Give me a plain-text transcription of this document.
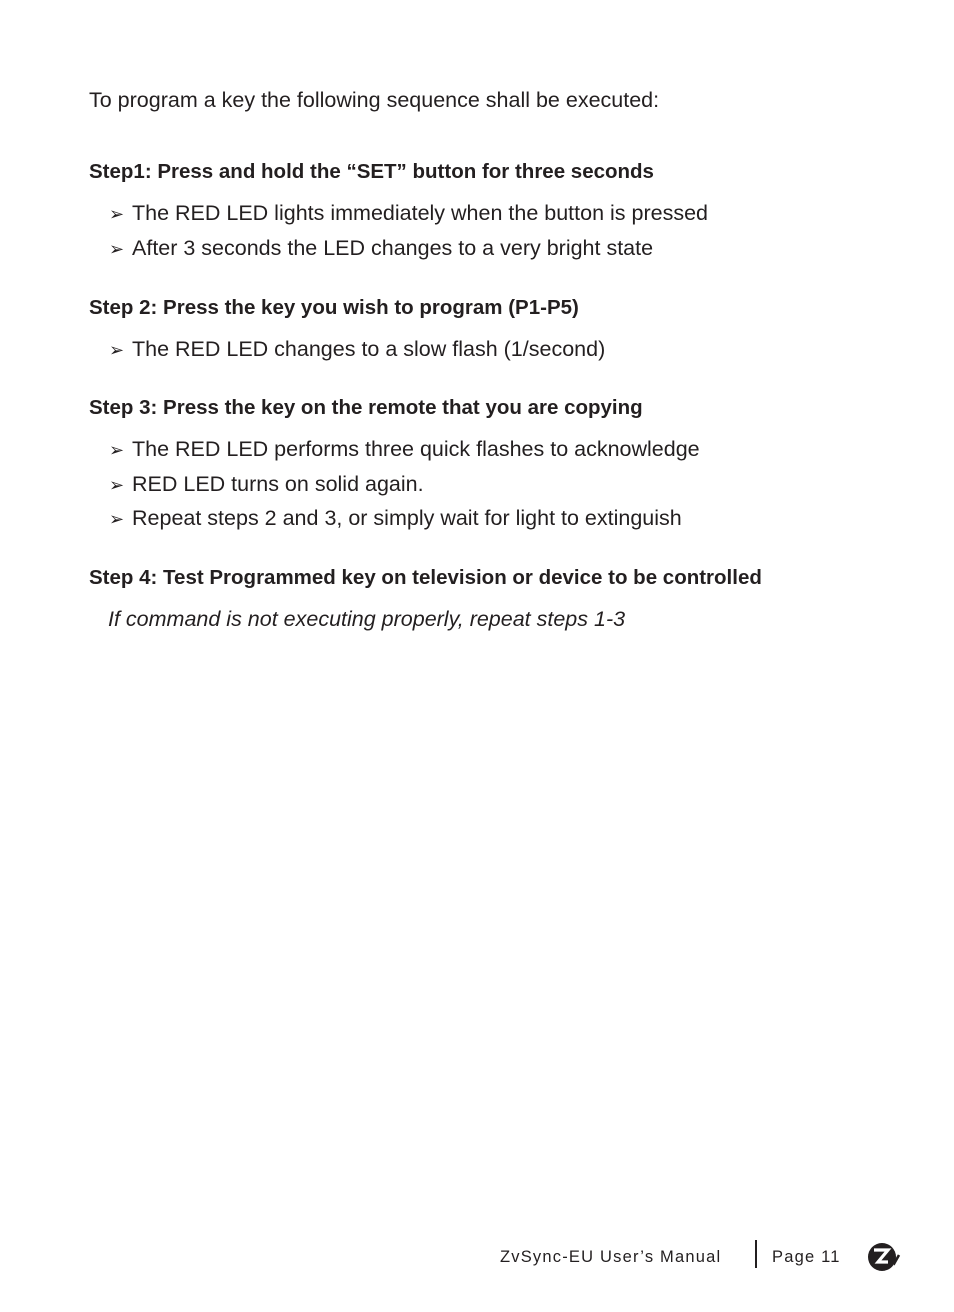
To program a key the following sequence shall be executed:
Step1: Press and hold the “SET” button for three seconds
➢ The RED LED lights immediately when the button is pressed
➢ After 3 seconds the LED changes to a very bright state
Step 2: Press the key you wish to program (P1-P5)
➢ The RED LED changes to a slow flash (1/second)
Step 3: Press the key on the remote that you are copying
➢ The RED LED performs three quick flashes to acknowledge
➢ RED LED turns on solid again.
➢ Repeat steps 2 and 3, or simply wait for light to extinguish
Step 4: Test Programmed key on television or device to be controlled
If command is not executing properly, repeat steps 1-3
ZvSync-EU User’s Manual	Page 11
